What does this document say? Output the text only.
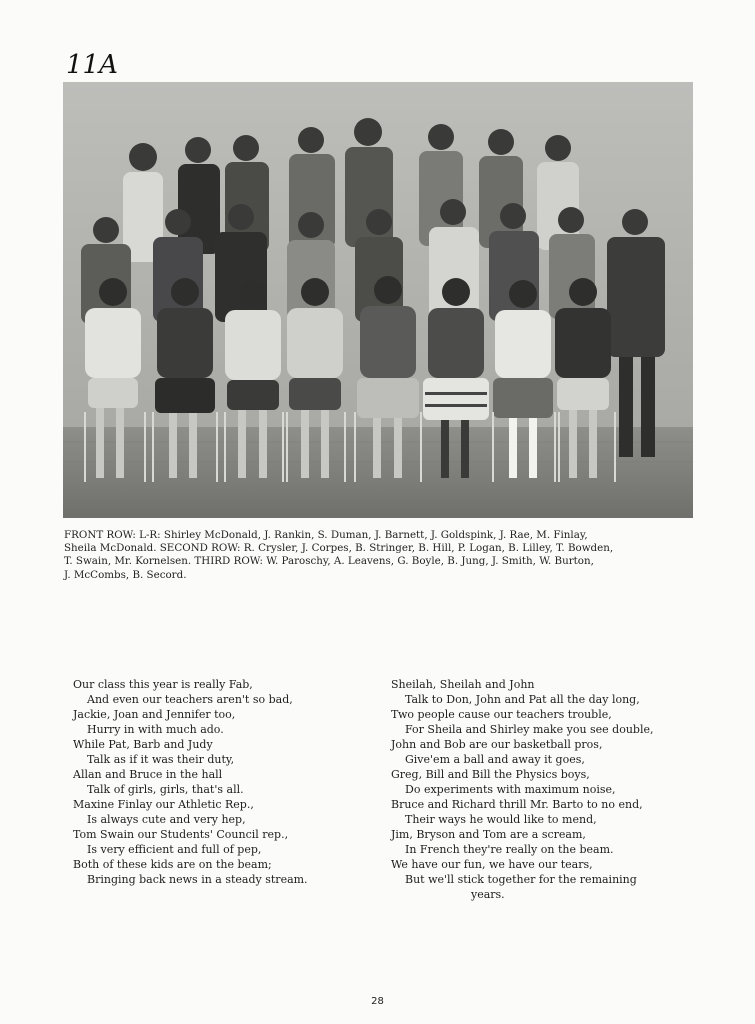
11A
FRONT ROW: L-R: Shirley McDonald, J. Rankin, S. Duman, J. Barnett, J. Goldspink, J. Rae, M. Finlay,
Sheila McDonald. SECOND ROW: R. Crysler, J. Corpes, B. Stringer, B. Hill, P. Logan, B. Lilley, T. Bowden,
T. Swain, Mr. Kornelsen. THIRD ROW: W. Paroschy, A. Leavens, G. Boyle, B. Jung, J. Smith, W. Burton,
J. McCombs, B. Secord.
Our class this year is really Fab,
And even our teachers aren't so bad,
Jackie, Joan and Jennifer too,
Hurry in with much ado.
While Pat, Barb and Judy
Talk as if it was their duty,
Allan and Bruce in the hall
Talk of girls, girls, that's all.
Maxine Finlay our Athletic Rep.,
Is always cute and very hep,
Tom Swain our Students' Council rep.,
Is very efficient and full of pep,
Both of these kids are on the beam;
Bringing back news in a steady stream.
Sheilah, Sheilah and John
Talk to Don, John and Pat all the day long,
Two people cause our teachers trouble,
For Sheila and Shirley make you see double,
John and Bob are our basketball pros,
Give'em a ball and away it goes,
Greg, Bill and Bill the Physics boys,
Do experiments with maximum noise,
Bruce and Richard thrill Mr. Barto to no end,
Their ways he would like to mend,
Jim, Bryson and Tom are a scream,
In French they're really on the beam.
We have our fun, we have our tears,
But we'll stick together for the remaining
years.
28
